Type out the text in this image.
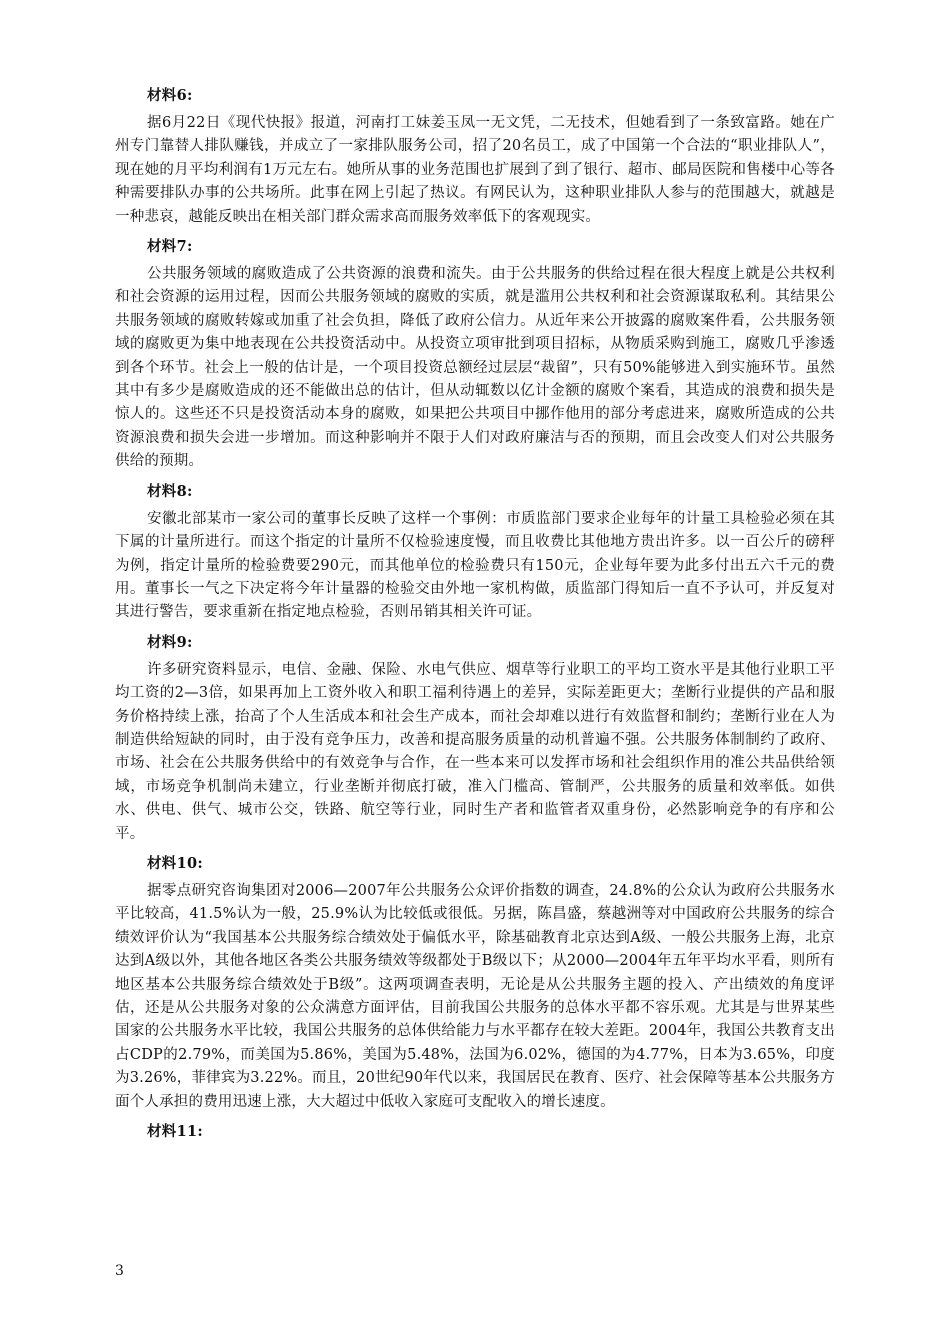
材料6:

据6月22日《现代快报》报道，河南打工妹姜玉凤一无文凭，二无技术，但她看到了一条致富路。她在广州专门靠替人排队赚钱，并成立了一家排队服务公司，招了20名员工，成了中国第一个合法的“职业排队人”，现在她的月平均利润有1万元左右。她所从事的业务范围也扩展到了到了银行、超市、邮局医院和售楼中心等各种需要排队办事的公共场所。此事在网上引起了热议。有网民认为，这种职业排队人参与的范围越大，就越是一种悲哀，越能反映出在相关部门群众需求高而服务效率低下的客观现实。

材料7:

公共服务领域的腐败造成了公共资源的浪费和流失。由于公共服务的供给过程在很大程度上就是公共权利和社会资源的运用过程，因而公共服务领域的腐败的实质，就是滥用公共权利和社会资源谋取私利。其结果公共服务领域的腐败转嫁或加重了社会负担，降低了政府公信力。从近年来公开披露的腐败案件看，公共服务领域的腐败更为集中地表现在公共投资活动中。从投资立项审批到项目招标，从物质采购到施工，腐败几乎渗透到各个环节。社会上一般的估计是，一个项目投资总额经过层层“裁留”，只有50%能够进入到实施环节。虽然其中有多少是腐败造成的还不能做出总的估计，但从动辄数以亿计金额的腐败个案看，其造成的浪费和损失是惊人的。这些还不只是投资活动本身的腐败，如果把公共项目中挪作他用的部分考虑进来，腐败所造成的公共资源浪费和损失会进一步增加。而这种影响并不限于人们对政府廉洁与否的预期，而且会改变人们对公共服务供给的预期。

材料8:

安徽北部某市一家公司的董事长反映了这样一个事例：市质监部门要求企业每年的计量工具检验必须在其下属的计量所进行。而这个指定的计量所不仅检验速度慢，而且收费比其他地方贵出许多。以一百公斤的磅秤为例，指定计量所的检验费要290元，而其他单位的检验费只有150元，企业每年要为此多付出五六千元的费用。董事长一气之下决定将今年计量器的检验交由外地一家机构做，质监部门得知后一直不予认可，并反复对其进行警告，要求重新在指定地点检验，否则吊销其相关许可证。

材料9:

许多研究资料显示，电信、金融、保险、水电气供应、烟草等行业职工的平均工资水平是其他行业职工平均工资的2—3倍，如果再加上工资外收入和职工福利待遇上的差异，实际差距更大；垄断行业提供的产品和服务价格持续上涨，抬高了个人生活成本和社会生产成本，而社会却难以进行有效监督和制约；垄断行业在人为制造供给短缺的同时，由于没有竞争压力，改善和提高服务质量的动机普遍不强。公共服务体制制约了政府、市场、社会在公共服务供给中的有效竞争与合作，在一些本来可以发挥市场和社会组织作用的准公共品供给领域，市场竞争机制尚未建立，行业垄断并彻底打破，准入门槛高、管制严，公共服务的质量和效率低。如供水、供电、供气、城市公交，铁路、航空等行业，同时生产者和监管者双重身份，必然影响竞争的有序和公平。

材料10:

据零点研究咨询集团对2006—2007年公共服务公众评价指数的调查，24.8%的公众认为政府公共服务水平比较高，41.5%认为一般，25.9%认为比较低或很低。另据，陈昌盛，蔡越洲等对中国政府公共服务的综合绩效评价认为“我国基本公共服务综合绩效处于偏低水平，除基础教育北京达到A级、一般公共服务上海，北京达到A级以外，其他各地区各类公共服务绩效等级都处于B级以下；从2000—2004年五年平均水平看，则所有地区基本公共服务综合绩效处于B级”。这两项调查表明，无论是从公共服务主题的投入、产出绩效的角度评估，还是从公共服务对象的公众满意方面评估，目前我国公共服务的总体水平都不容乐观。尤其是与世界某些国家的公共服务水平比较，我国公共服务的总体供给能力与水平都存在较大差距。2004年，我国公共教育支出占CDP的2.79%，而美国为5.86%，美国为5.48%，法国为6.02%，德国的为4.77%，日本为3.65%，印度为3.26%，菲律宾为3.22%。而且，20世纪90年代以来，我国居民在教育、医疗、社会保障等基本公共服务方面个人承担的费用迅速上涨，大大超过中低收入家庭可支配收入的增长速度。

材料11:
3
